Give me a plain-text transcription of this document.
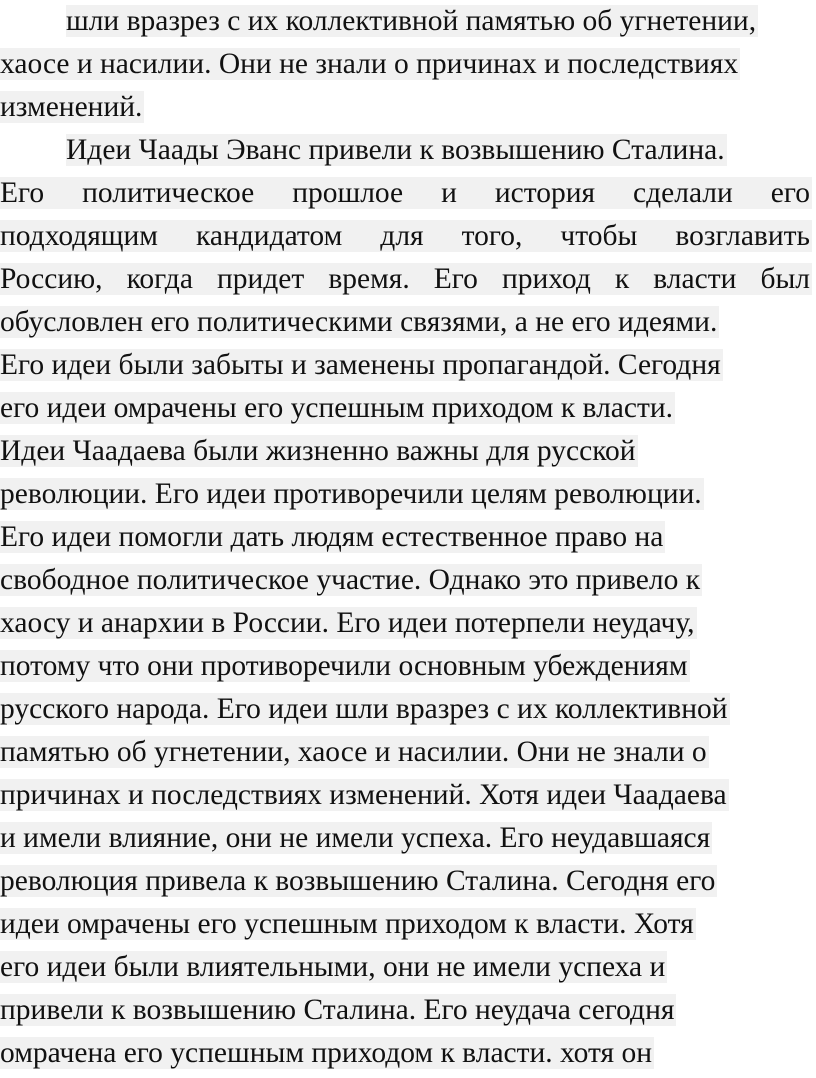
шли вразрез с их коллективной памятью об угнетении,
хаосе и насилии. Они не знали о причинах и последствиях
изменений.
Идеи Чаады Эванс привели к возвышению Сталина.
Его политическое прошлое и история сделали его
подходящим кандидатом для того, чтобы возглавить
Россию, когда придет время. Его приход к власти был
обусловлен его политическими связями, а не его идеями.
Его идеи были забыты и заменены пропагандой. Сегодня
его идеи омрачены его успешным приходом к власти.
Идеи Чаадаева были жизненно важны для русской
революции. Его идеи противоречили целям революции.
Его идеи помогли дать людям естественное право на
свободное политическое участие. Однако это привело к
хаосу и анархии в России. Его идеи потерпели неудачу,
потому что они противоречили основным убеждениям
русского народа. Его идеи шли вразрез с их коллективной
памятью об угнетении, хаосе и насилии. Они не знали о
причинах и последствиях изменений. Хотя идеи Чаадаева
и имели влияние, они не имели успеха. Его неудавшаяся
революция привела к возвышению Сталина. Сегодня его
идеи омрачены его успешным приходом к власти. Хотя
его идеи были влиятельными, они не имели успеха и
привели к возвышению Сталина. Его неудача сегодня
омрачена его успешным приходом к власти. хотя он
